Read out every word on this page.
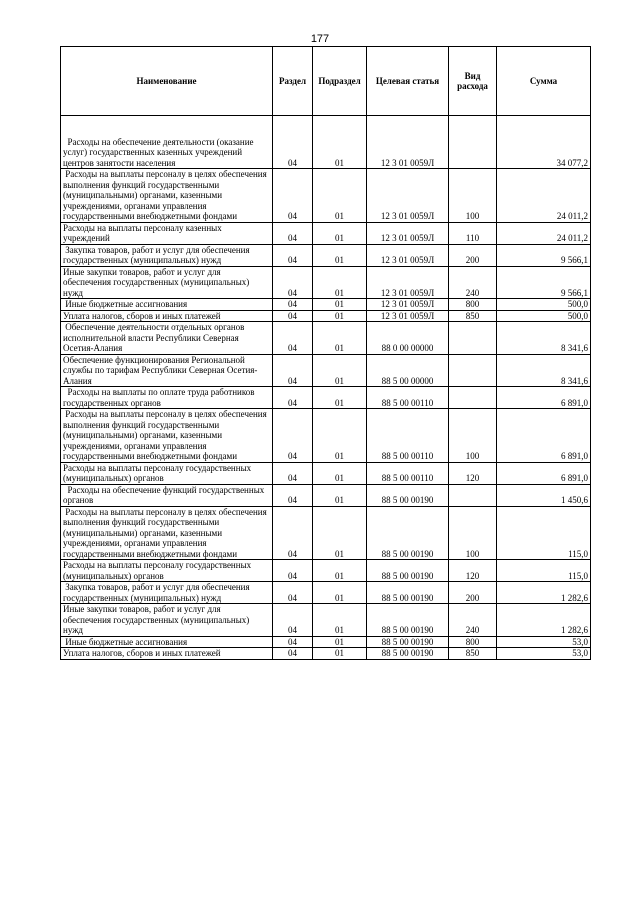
177
Наименование	Раздел	Подраздел	Целевая статья	Вид расхода	Сумма
Расходы на обеспечение деятельности (оказание услуг) государственных казенных учреждений центров занятости населения	04	01	12 3 01 0059Л		34 077,2
Расходы на выплаты персоналу в целях обеспечения выполнения функций государственными (муниципальными) органами, казенными учреждениями, органами управления государственными внебюджетными фондами	04	01	12 3 01 0059Л	100	24 011,2
Расходы на выплаты персоналу казенных учреждений	04	01	12 3 01 0059Л	110	24 011,2
Закупка товаров, работ и услуг для обеспечения государственных (муниципальных) нужд	04	01	12 3 01 0059Л	200	9 566,1
Иные закупки товаров, работ и услуг для обеспечения государственных (муниципальных) нужд	04	01	12 3 01 0059Л	240	9 566,1
Иные бюджетные ассигнования	04	01	12 3 01 0059Л	800	500,0
Уплата налогов, сборов и иных платежей	04	01	12 3 01 0059Л	850	500,0
Обеспечение деятельности отдельных органов исполнительной власти Республики Северная Осетия-Алания	04	01	88 0 00 00000		8 341,6
Обеспечение функционирования Региональной службы по тарифам Республики Северная Осетия-Алания	04	01	88 5 00 00000		8 341,6
Расходы на выплаты по оплате труда работников государственных органов	04	01	88 5 00 00110		6 891,0
Расходы на выплаты персоналу в целях обеспечения выполнения функций государственными (муниципальными) органами, казенными учреждениями, органами управления государственными внебюджетными фондами	04	01	88 5 00 00110	100	6 891,0
Расходы на выплаты персоналу государственных (муниципальных) органов	04	01	88 5 00 00110	120	6 891,0
Расходы на обеспечение функций государственных органов	04	01	88 5 00 00190		1 450,6
Расходы на выплаты персоналу в целях обеспечения выполнения функций государственными (муниципальными) органами, казенными учреждениями, органами управления государственными внебюджетными фондами	04	01	88 5 00 00190	100	115,0
Расходы на выплаты персоналу государственных (муниципальных) органов	04	01	88 5 00 00190	120	115,0
Закупка товаров, работ и услуг для обеспечения государственных (муниципальных) нужд	04	01	88 5 00 00190	200	1 282,6
Иные закупки товаров, работ и услуг для обеспечения государственных (муниципальных) нужд	04	01	88 5 00 00190	240	1 282,6
Иные бюджетные ассигнования	04	01	88 5 00 00190	800	53,0
Уплата налогов, сборов и иных платежей	04	01	88 5 00 00190	850	53,0
